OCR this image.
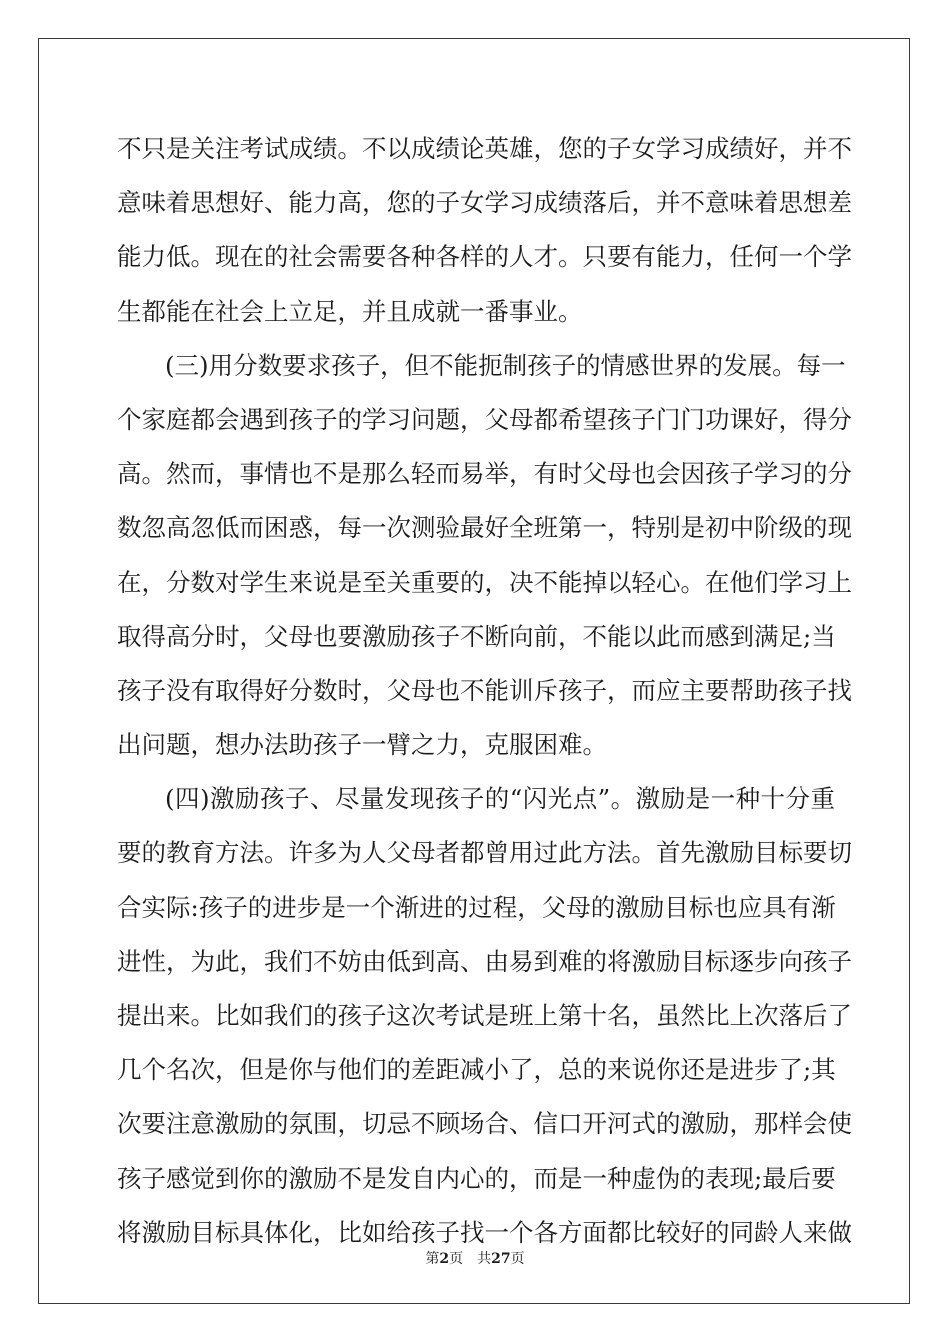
不只是关注考试成绩。不以成绩论英雄，您的子女学习成绩好，并不
意味着思想好、能力高，您的子女学习成绩落后，并不意味着思想差
能力低。现在的社会需要各种各样的人才。只要有能力，任何一个学
生都能在社会上立足，并且成就一番事业。
(三)用分数要求孩子，但不能扼制孩子的情感世界的发展。每一
个家庭都会遇到孩子的学习问题，父母都希望孩子门门功课好，得分
高。然而，事情也不是那么轻而易举，有时父母也会因孩子学习的分
数忽高忽低而困惑，每一次测验最好全班第一，特别是初中阶级的现
在，分数对学生来说是至关重要的，决不能掉以轻心。在他们学习上
取得高分时，父母也要激励孩子不断向前，不能以此而感到满足;当
孩子没有取得好分数时，父母也不能训斥孩子，而应主要帮助孩子找
出问题，想办法助孩子一臂之力，克服困难。
(四)激励孩子、尽量发现孩子的“闪光点”。激励是一种十分重
要的教育方法。许多为人父母者都曾用过此方法。首先激励目标要切
合实际:孩子的进步是一个渐进的过程，父母的激励目标也应具有渐
进性，为此，我们不妨由低到高、由易到难的将激励目标逐步向孩子
提出来。比如我们的孩子这次考试是班上第十名，虽然比上次落后了
几个名次，但是你与他们的差距减小了，总的来说你还是进步了;其
次要注意激励的氛围，切忌不顾场合、信口开河式的激励，那样会使
孩子感觉到你的激励不是发自内心的，而是一种虚伪的表现;最后要
将激励目标具体化，比如给孩子找一个各方面都比较好的同龄人来做
第2页 共27页
